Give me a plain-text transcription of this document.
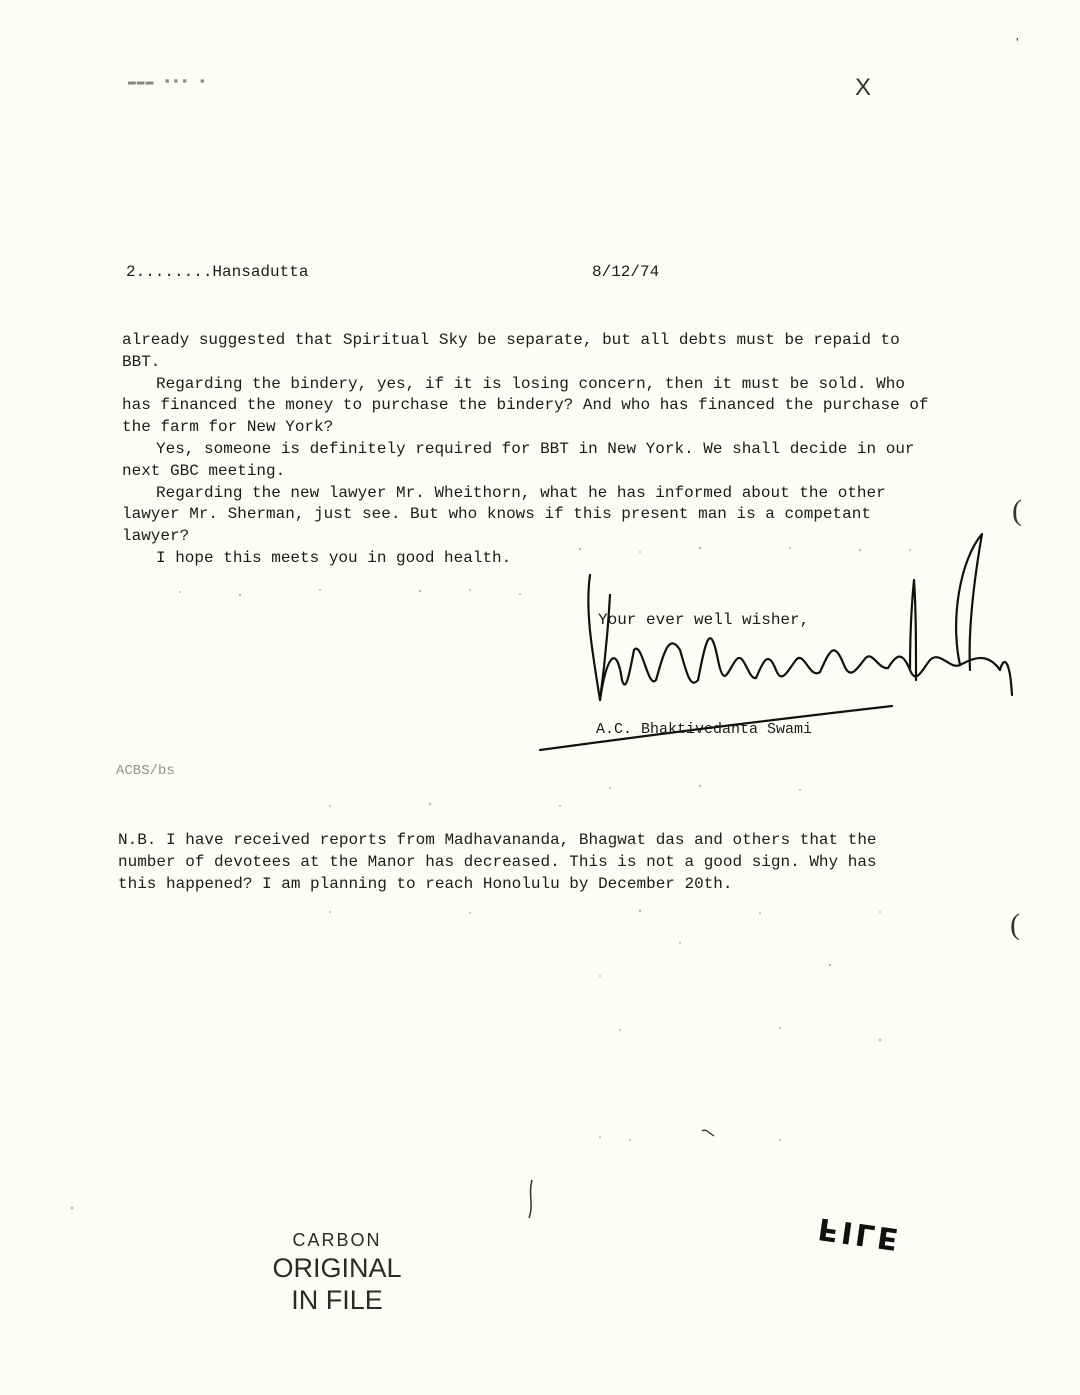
▬▬▬ ▪▪▪ ▪	X
'
(
(
2........Hansadutta	8/12/74

already suggested that Spiritual Sky be separate, but all debts must be repaid to BBT.

Regarding the bindery, yes, if it is losing concern, then it must be sold. Who has financed the money to purchase the bindery? And who has financed the purchase of the farm for New York?

Yes, someone is definitely required for BBT in New York. We shall decide in our next GBC meeting.

Regarding the new lawyer Mr. Wheithorn, what he has informed about the other lawyer Mr. Sherman, just see. But who knows if this present man is a competant lawyer?

I hope this meets you in good health.

Your ever well wisher,
A.C. Bhaktivedanta Swami
ACBS/bs

N.B. I have received reports from Madhavananda, Bhagwat das and others that the number of devotees at the Manor has decreased. This is not a good sign. Why has this happened? I am planning to reach Honolulu by December 20th.

CARBON
ORIGINAL
IN FILE
FILE
